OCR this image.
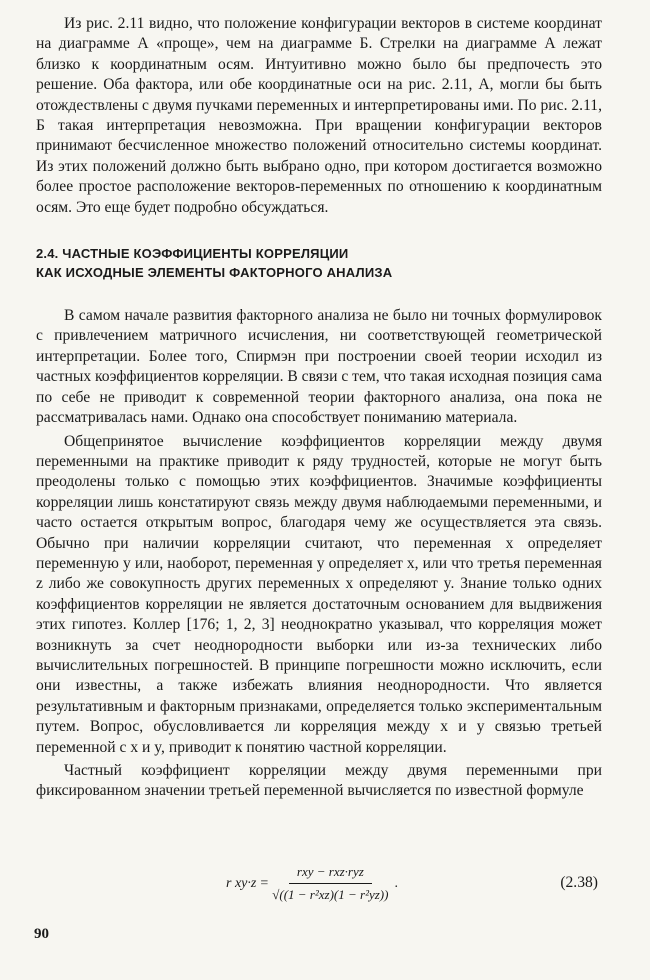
Из рис. 2.11 видно, что положение конфигурации векторов в системе координат на диаграмме А «проще», чем на диаграмме Б. Стрелки на диаграмме А лежат близко к координатным осям. Интуитивно можно было бы предпочесть это решение. Оба фактора, или обе координатные оси на рис. 2.11, А, могли бы быть отождествлены с двумя пучками переменных и интерпретированы ими. По рис. 2.11, Б такая интерпретация невозможна. При вращении конфигурации векторов принимают бесчисленное множество положений относительно системы координат. Из этих положений должно быть выбрано одно, при котором достигается возможно более простое расположение векторов-переменных по отношению к координатным осям. Это еще будет подробно обсуждаться.

2.4. ЧАСТНЫЕ КОЭФФИЦИЕНТЫ КОРРЕЛЯЦИИ
КАК ИСХОДНЫЕ ЭЛЕМЕНТЫ ФАКТОРНОГО АНАЛИЗА

В самом начале развития факторного анализа не было ни точных формулировок с привлечением матричного исчисления, ни соответствующей геометрической интерпретации. Более того, Спирмэн при построении своей теории исходил из частных коэффициентов корреляции. В связи с тем, что такая исходная позиция сама по себе не приводит к современной теории факторного анализа, она пока не рассматривалась нами. Однако она способствует пониманию материала.

Общепринятое вычисление коэффициентов корреляции между двумя переменными на практике приводит к ряду трудностей, которые не могут быть преодолены только с помощью этих коэффициентов. Значимые коэффициенты корреляции лишь констатируют связь между двумя наблюдаемыми переменными, и часто остается открытым вопрос, благодаря чему же осуществляется эта связь. Обычно при наличии корреляции считают, что переменная x определяет переменную y или, наоборот, переменная y определяет x, или что третья переменная z либо же совокупность других переменных x определяют y. Знание только одних коэффициентов корреляции не является достаточным основанием для выдвижения этих гипотез. Коллер [176; 1, 2, 3] неоднократно указывал, что корреляция может возникнуть за счет неоднородности выборки или из-за технических либо вычислительных погрешностей. В принципе погрешности можно исключить, если они известны, а также избежать влияния неоднородности. Что является результативным и факторным признаками, определяется только экспериментальным путем. Вопрос, обусловливается ли корреляция между x и y связью третьей переменной с x и y, приводит к понятию частной корреляции.

Частный коэффициент корреляции между двумя переменными при фиксированном значении третьей переменной вычисляется по известной формуле

r $xy\cdot z = \frac{\text{rxy − rxz·ryz}}{\text{√((1 − r²xz)(1 − r²yz))}}$ .	(2.38)
90
